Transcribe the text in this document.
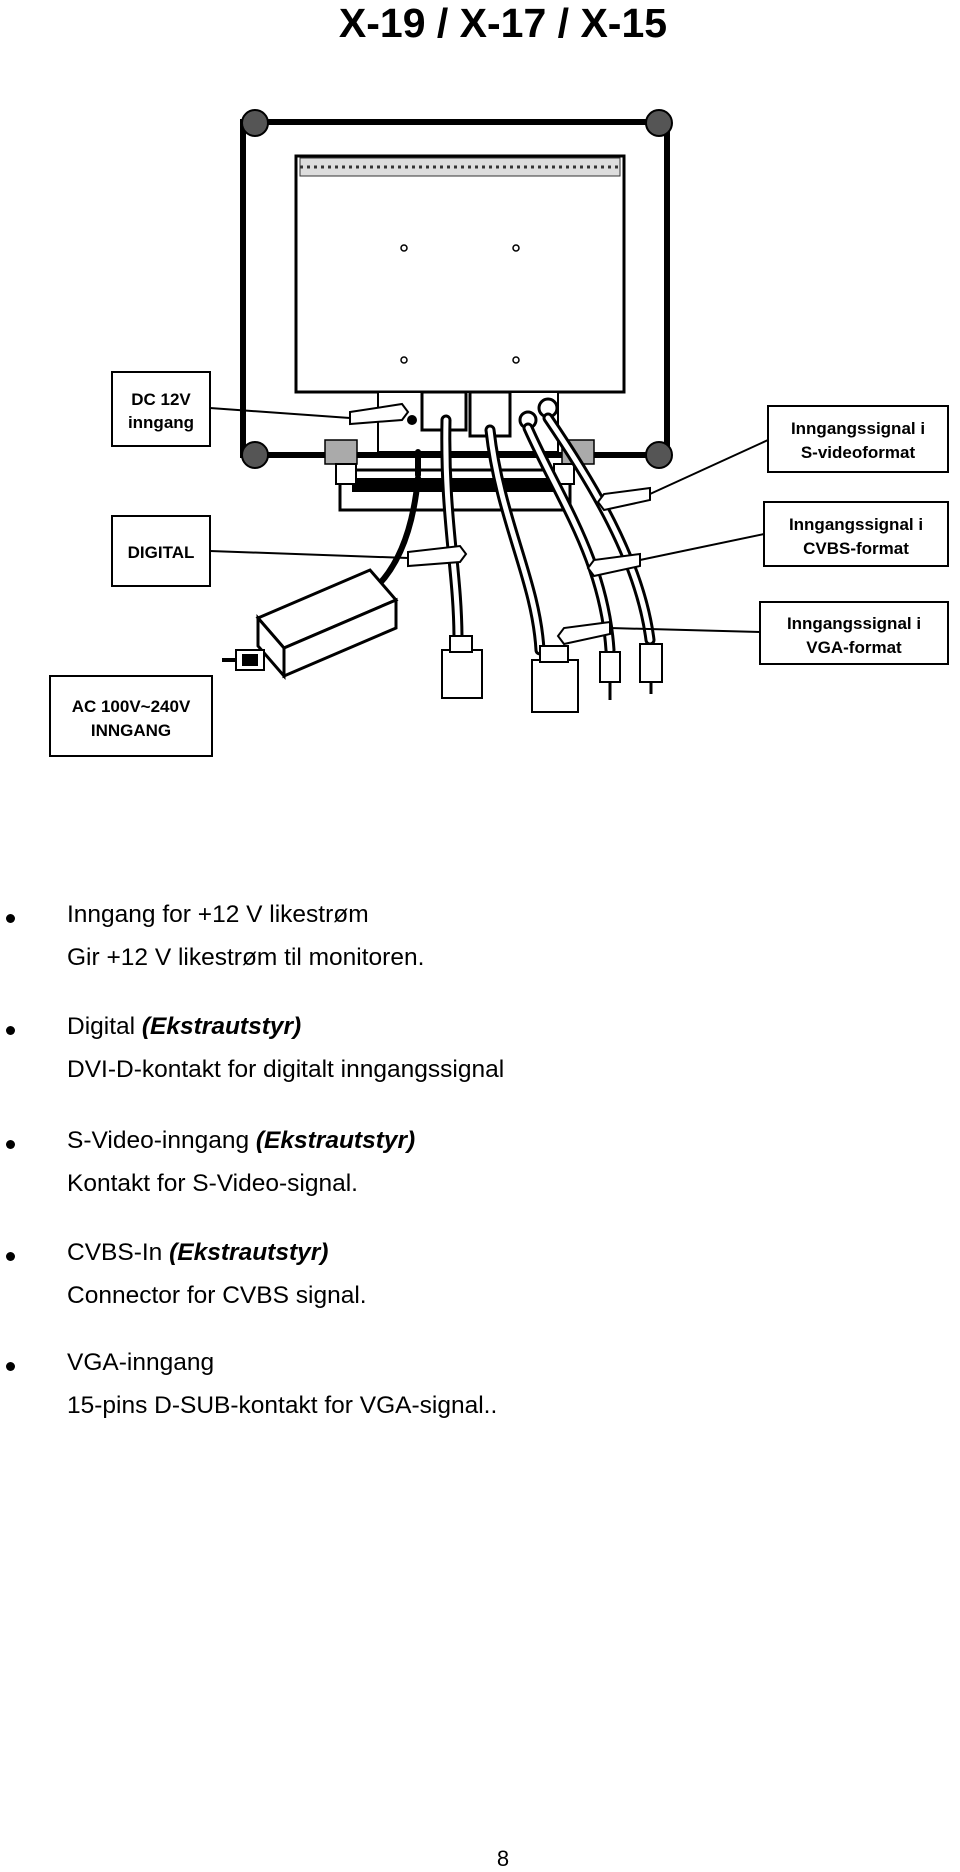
X-19 / X-17 / X-15
DC 12V
inngang
DIGITAL
AC 100V~240V
INNGANG
Inngangssignal i
S-videoformat
Inngangssignal i
CVBS-format
Inngangssignal i
VGA-format
Inngang for +12 V likestrøm
Gir +12 V likestrøm til monitoren.
Digital (Ekstrautstyr)
DVI-D-kontakt for digitalt inngangssignal
S-Video-inngang (Ekstrautstyr)
Kontakt for S-Video-signal.
CVBS-In (Ekstrautstyr)
Connector for CVBS signal.
VGA-inngang
15-pins D-SUB-kontakt for VGA-signal..
8
